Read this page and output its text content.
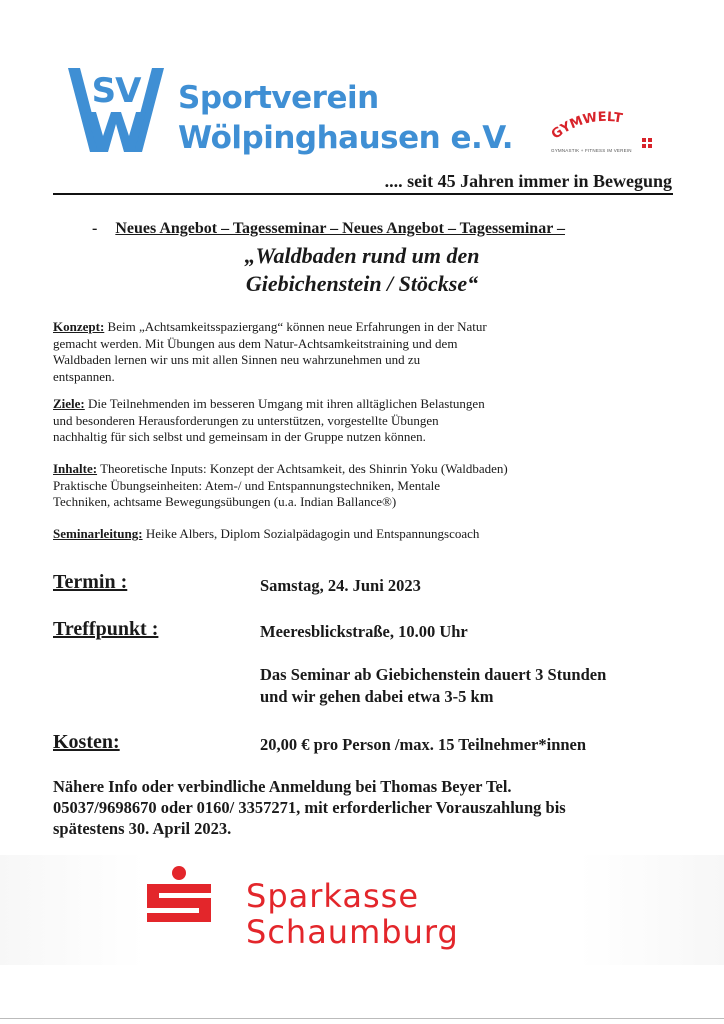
SV Sportverein
Wölpinghausen e.V.	GYMWELT
GYMNASTIK + FITNESS IM VEREIN
.... seit 45 Jahren immer in Bewegung
- Neues Angebot – Tagesseminar – Neues Angebot – Tagesseminar –
„Waldbaden rund um den
Giebichenstein / Stöckse“
Konzept: Beim „Achtsamkeitsspaziergang“ können neue Erfahrungen in der Natur
gemacht werden. Mit Übungen aus dem Natur-Achtsamkeitstraining und dem
Waldbaden lernen wir uns mit allen Sinnen neu wahrzunehmen und zu
entspannen.
Ziele: Die Teilnehmenden im besseren Umgang mit ihren alltäglichen Belastungen
und besonderen Herausforderungen zu unterstützen, vorgestellte Übungen
nachhaltig für sich selbst und gemeinsam in der Gruppe nutzen können.
Inhalte: Theoretische Inputs: Konzept der Achtsamkeit, des Shinrin Yoku (Waldbaden)
Praktische Übungseinheiten: Atem-/ und Entspannungstechniken, Mentale
Techniken, achtsame Bewegungsübungen (u.a. Indian Ballance®)
Seminarleitung: Heike Albers, Diplom Sozialpädagogin und Entspannungscoach
Termin :	Samstag, 24. Juni 2023
Treffpunkt :	Meeresblickstraße, 10.00 Uhr
Das Seminar ab Giebichenstein dauert 3 Stunden
und wir gehen dabei etwa 3-5 km
Kosten:	20,00 € pro Person /max. 15 Teilnehmer*innen
Nähere Info oder verbindliche Anmeldung bei Thomas Beyer Tel.
05037/9698670 oder 0160/ 3357271, mit erforderlicher Vorauszahlung bis
spätestens 30. April 2023.
Sparkasse
Schaumburg
